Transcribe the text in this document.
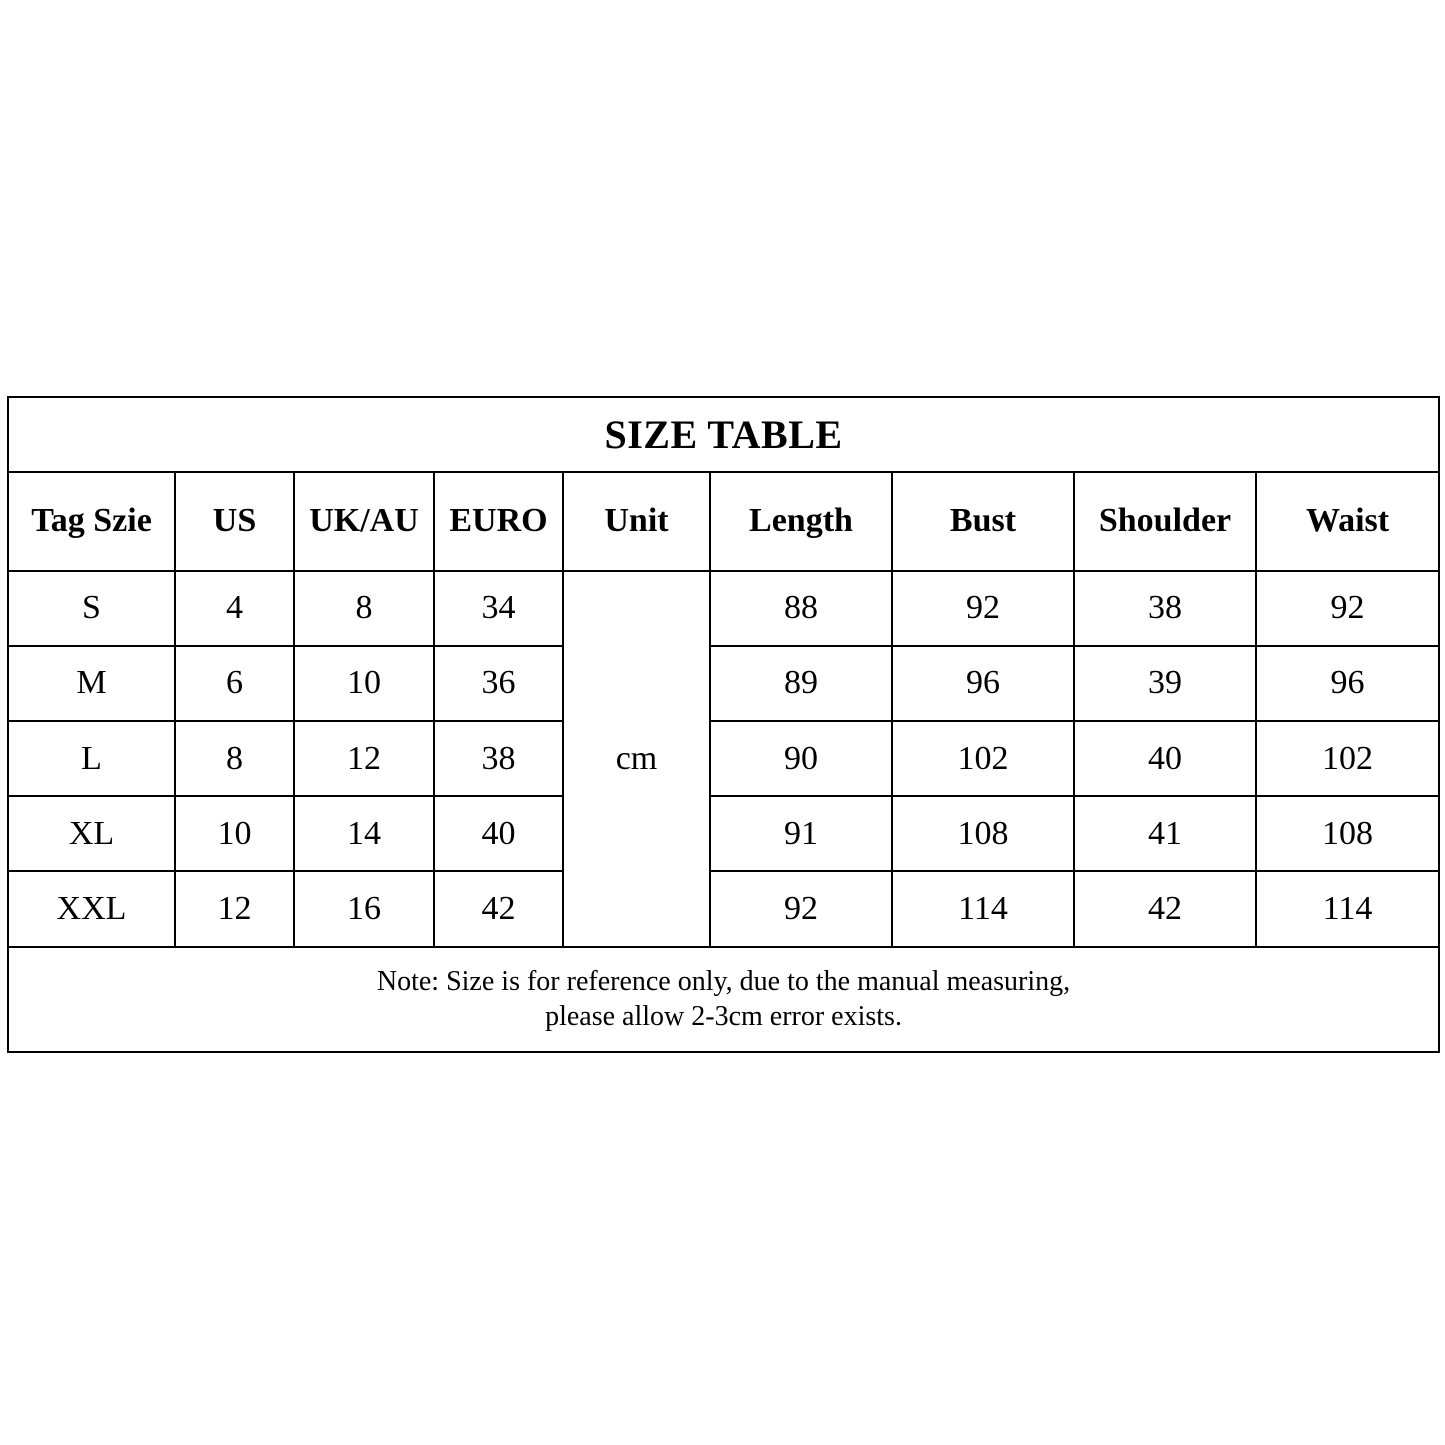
SIZE TABLE								
Tag Szie	US	UK/AU	EURO	Unit	Length	Bust	Shoulder	Waist
S	4	8	34	cm	88	92	38	92
M	6	10	36		89	96	39	96
L	8	12	38		90	102	40	102
XL	10	14	40		91	108	41	108
XXL	12	16	42		92	114	42	114

Note: Size is for reference only, due to the manual measuring,
please allow 2-3cm error exists.								
